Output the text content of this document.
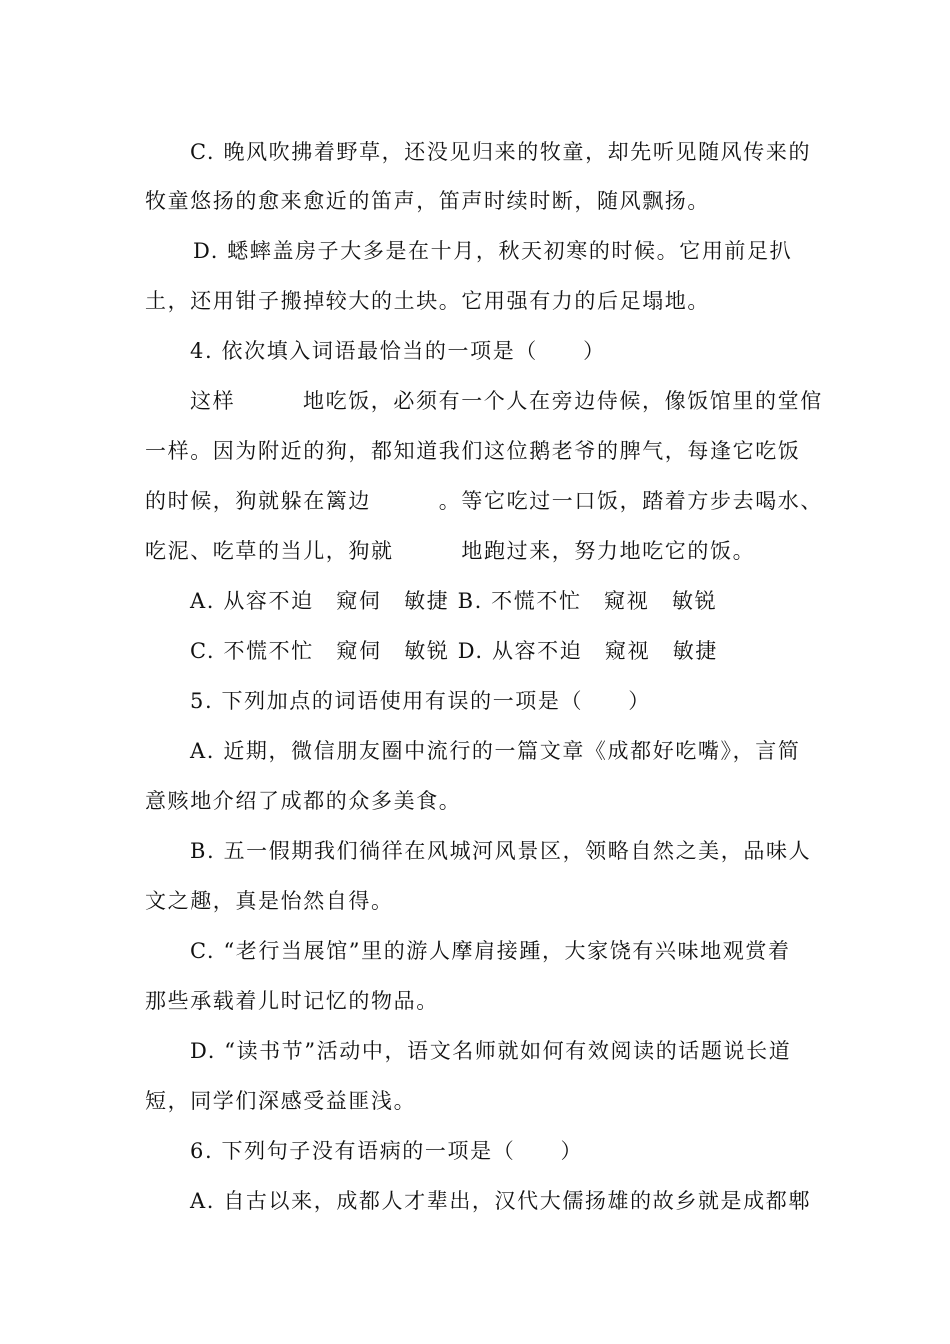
C. 晚风吹拂着野草，还没见归来的牧童，却先听见随风传来的
牧童悠扬的愈来愈近的笛声，笛声时续时断，随风飘扬。
D. 蟋蟀盖房子大多是在十月，秋天初寒的时候。它用前足扒
土，还用钳子搬掉较大的土块。它用强有力的后足塌地。
4. 依次填入词语最恰当的一项是（　　）
这样　　　地吃饭，必须有一个人在旁边侍候，像饭馆里的堂倌
一样。因为附近的狗，都知道我们这位鹅老爷的脾气，每逢它吃饭
的时候，狗就躲在篱边　　　。等它吃过一口饭，踏着方步去喝水、
吃泥、吃草的当儿，狗就　　　地跑过来，努力地吃它的饭。
A. 从容不迫　窥伺　敏捷 B. 不慌不忙　窥视　敏锐
C. 不慌不忙　窥伺　敏锐 D. 从容不迫　窥视　敏捷
5. 下列加点的词语使用有误的一项是（　　）
A. 近期，微信朋友圈中流行的一篇文章《成都好吃嘴》，言简
意赅地介绍了成都的众多美食。
B. 五一假期我们徜徉在风城河风景区，领略自然之美，品味人
文之趣，真是怡然自得。
C. “老行当展馆”里的游人摩肩接踵，大家饶有兴味地观赏着
那些承载着儿时记忆的物品。
D. “读书节”活动中，语文名师就如何有效阅读的话题说长道
短，同学们深感受益匪浅。
6. 下列句子没有语病的一项是（　　）
A. 自古以来，成都人才辈出，汉代大儒扬雄的故乡就是成都郫
